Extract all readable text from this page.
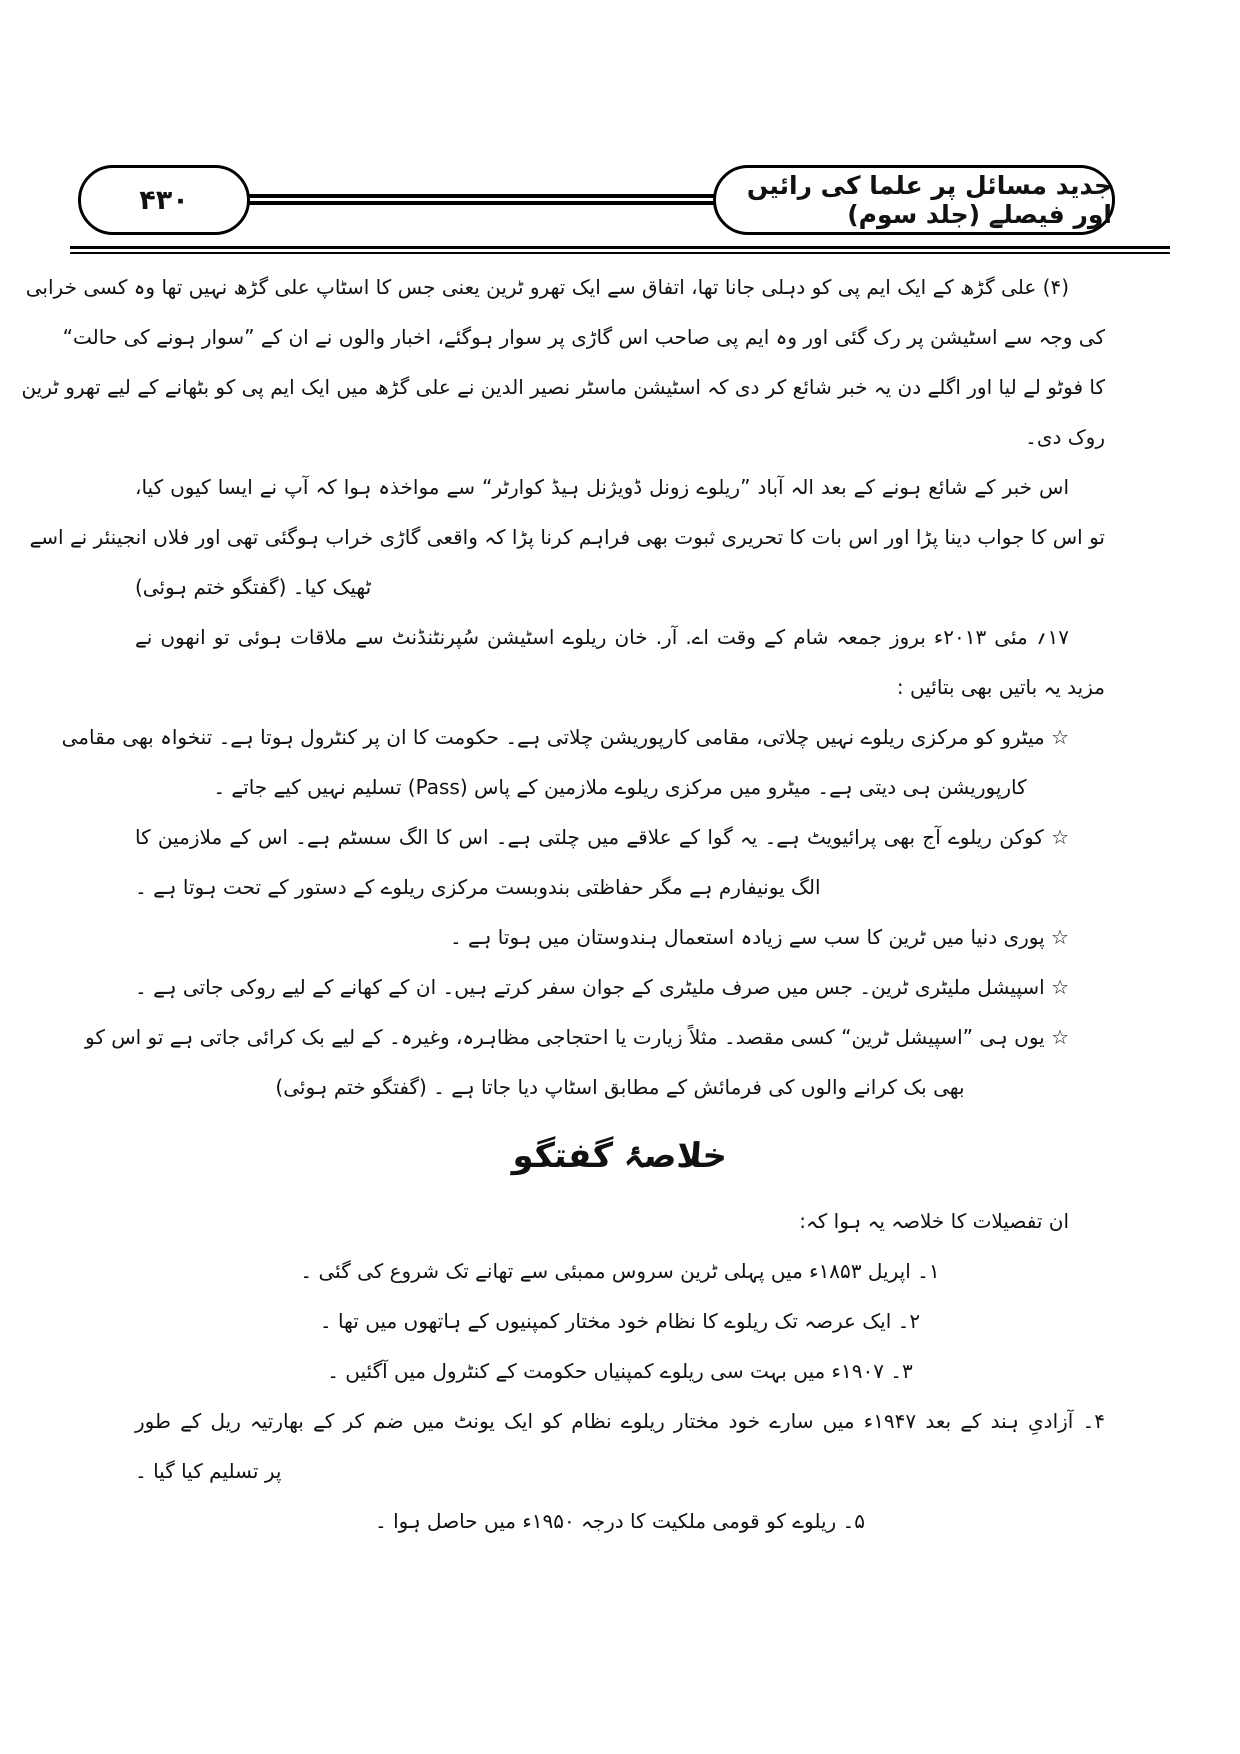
جدید مسائل پر علما کی رائیں اور فیصلے (جلد سوم)
۴۳۰
(۴) علی گڑھ کے ایک ایم پی کو دہلی جانا تھا، اتفاق سے ایک تھرو ٹرین یعنی جس کا اسٹاپ علی گڑھ نہیں تھا وہ کسی خرابی
کی وجہ سے اسٹیشن پر رک گئی اور وہ ایم پی صاحب اس گاڑی پر سوار ہوگئے، اخبار والوں نے ان کے ”سوار ہونے کی حالت“
کا فوٹو لے لیا اور اگلے دن یہ خبر شائع کر دی کہ اسٹیشن ماسٹر نصیر الدین نے علی گڑھ میں ایک ایم پی کو بٹھانے کے لیے تھرو ٹرین
روک دی۔
اس خبر کے شائع ہونے کے بعد الہ آباد ”ریلوے زونل ڈویژنل ہیڈ کوارٹر“ سے مواخذہ ہوا کہ آپ نے ایسا کیوں کیا،
تو اس کا جواب دینا پڑا اور اس بات کا تحریری ثبوت بھی فراہم کرنا پڑا کہ واقعی گاڑی خراب ہوگئی تھی اور فلاں انجینئر نے اسے
ٹھیک کیا۔ (گفتگو ختم ہوئی)
۱۷؍ مئی ۲۰۱۳ء بروز جمعہ شام کے وقت اے. آر. خان ریلوے اسٹیشن سُپرنٹنڈنٹ سے ملاقات ہوئی تو انھوں نے
مزید یہ باتیں بھی بتائیں :
☆ میٹرو کو مرکزی ریلوے نہیں چلاتی، مقامی کارپوریشن چلاتی ہے۔ حکومت کا ان پر کنٹرول ہوتا ہے۔ تنخواہ بھی مقامی
کارپوریشن ہی دیتی ہے۔ میٹرو میں مرکزی ریلوے ملازمین کے پاس (Pass) تسلیم نہیں کیے جاتے ۔
☆ کوکن ریلوے آج بھی پرائیویٹ ہے۔ یہ گوا کے علاقے میں چلتی ہے۔ اس کا الگ سسٹم ہے۔ اس کے ملازمین کا
الگ یونیفارم ہے مگر حفاظتی بندوبست مرکزی ریلوے کے دستور کے تحت ہوتا ہے ۔
☆ پوری دنیا میں ٹرین کا سب سے زیادہ استعمال ہندوستان میں ہوتا ہے ۔
☆ اسپیشل ملیٹری ٹرین۔ جس میں صرف ملیٹری کے جوان سفر کرتے ہیں۔ ان کے کھانے کے لیے روکی جاتی ہے ۔
☆ یوں ہی ”اسپیشل ٹرین“ کسی مقصد۔ مثلاً زیارت یا احتجاجی مظاہرہ، وغیرہ۔ کے لیے بک کرائی جاتی ہے تو اس کو
بھی بک کرانے والوں کی فرمائش کے مطابق اسٹاپ دیا جاتا ہے ۔ (گفتگو ختم ہوئی)
خلاصۂ گفتگو
ان تفصیلات کا خلاصہ یہ ہوا کہ:
۱۔ اپریل ۱۸۵۳ء میں پہلی ٹرین سروس ممبئی سے تھانے تک شروع کی گئی ۔
۲۔ ایک عرصہ تک ریلوے کا نظام خود مختار کمپنیوں کے ہاتھوں میں تھا ۔
۳۔ ۱۹۰۷ء میں بہت سی ریلوے کمپنیاں حکومت کے کنٹرول میں آگئیں ۔
۴۔ آزادیِ ہند کے بعد ۱۹۴۷ء میں سارے خود مختار ریلوے نظام کو ایک یونٹ میں ضم کر کے بھارتیہ ریل کے طور
پر تسلیم کیا گیا ۔
۵۔ ریلوے کو قومی ملکیت کا درجہ ۱۹۵۰ء میں حاصل ہوا ۔
